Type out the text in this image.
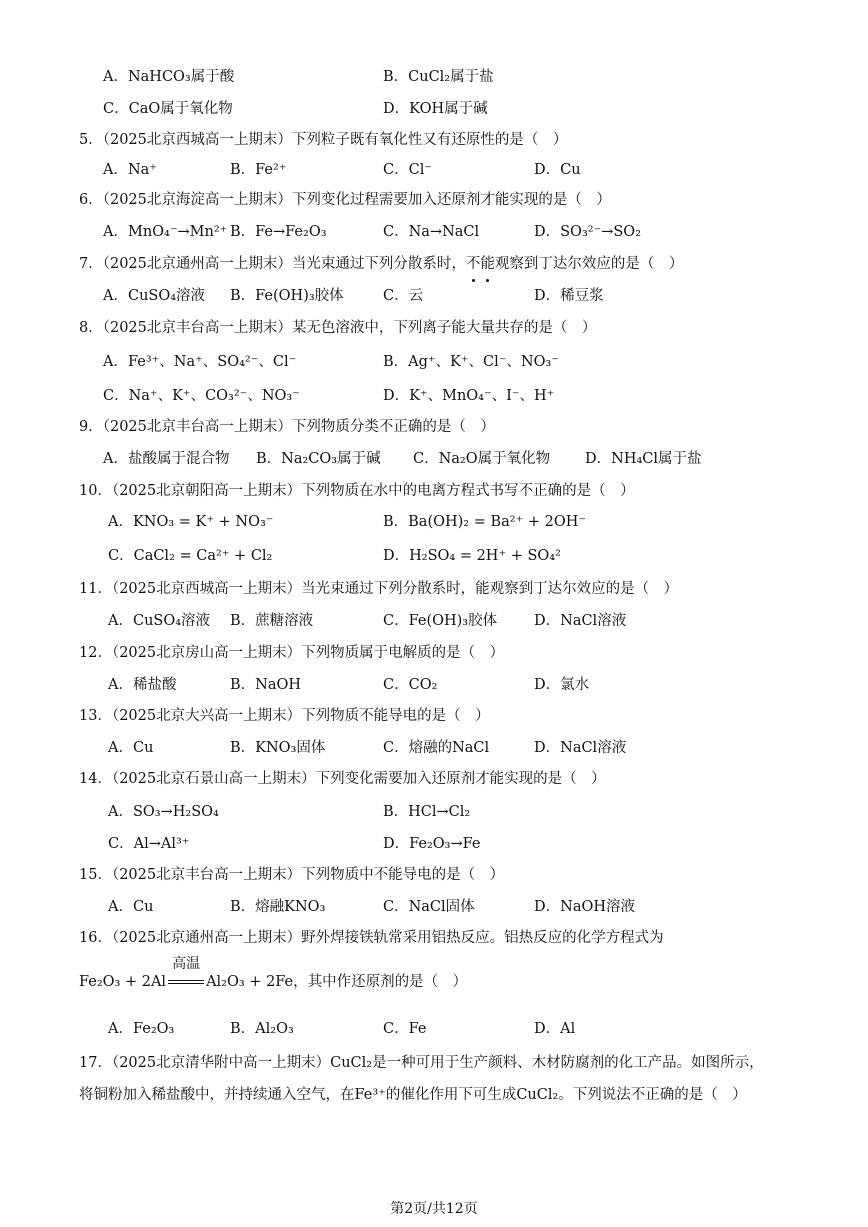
A．NaHCO₃属于酸	B．CuCl₂属于盐
C．CaO属于氧化物	D．KOH属于碱
5．（2025北京西城高一上期末）下列粒子既有氧化性又有还原性的是（　）
A．Na⁺	B．Fe²⁺	C．Cl⁻	D．Cu
6．（2025北京海淀高一上期末）下列变化过程需要加入还原剂才能实现的是（　）
A．MnO₄⁻→Mn²⁺ B．Fe→Fe₂O₃	C．Na→NaCl	D．SO₃²⁻→SO₂
7．（2025北京通州高一上期末）当光束通过下列分散系时，不
能
观察到丁达尔效应的是（　）
A．CuSO₄溶液 B．Fe(OH)₃胶体	C．云	D．稀豆浆
8．（2025北京丰台高一上期末）某无色溶液中，下列离子能大量共存的是（　）
A．Fe³⁺、Na⁺、SO₄²⁻、Cl⁻	B．Ag⁺、K⁺、Cl⁻、NO₃⁻
C．Na⁺、K⁺、CO₃²⁻、NO₃⁻	D．K⁺、MnO₄⁻、I⁻、H⁺
9．（2025北京丰台高一上期末）下列物质分类不正确的是（　）
A．盐酸属于混合物 B．Na₂CO₃属于碱 C．Na₂O属于氧化物 D．NH₄Cl属于盐
10．（2025北京朝阳高一上期末）下列物质在水中的电离方程式书写不正确的是（　）
A．KNO₃ = K⁺ + NO₃⁻	B．Ba(OH)₂ = Ba²⁺ + 2OH⁻
C．CaCl₂ = Ca²⁺ + Cl₂	D．H₂SO₄ = 2H⁺ + SO₄²
11．（2025北京西城高一上期末）当光束通过下列分散系时，能观察到丁达尔效应的是（　）
A．CuSO₄溶液 B．蔗糖溶液	C．Fe(OH)₃胶体	D．NaCl溶液
12．（2025北京房山高一上期末）下列物质属于电解质的是（　）
A．稀盐酸	B．NaOH	C．CO₂	D．氯水
13．（2025北京大兴高一上期末）下列物质不能导电的是（　）
A．Cu	B．KNO₃固体	C．熔融的NaCl	D．NaCl溶液
14．（2025北京石景山高一上期末）下列变化需要加入还原剂才能实现的是（　）
A．SO₃→H₂SO₄	B．HCl→Cl₂
C．Al→Al³⁺	D．Fe₂O₃→Fe
15．（2025北京丰台高一上期末）下列物质中不能导电的是（　）
A．Cu	B．熔融KNO₃	C．NaCl固体	D．NaOH溶液
16．（2025北京通州高一上期末）野外焊接铁轨常采用铝热反应。铝热反应的化学方程式为
Fe₂O₃ + 2Al
高温
Al₂O₃ + 2Fe，其中作还原剂的是（　）
A．Fe₂O₃	B．Al₂O₃	C．Fe	D．Al
17．（2025北京清华附中高一上期末）CuCl₂是一种可用于生产颜料、木材防腐剂的化工产品。如图所示，
将铜粉加入稀盐酸中，并持续通入空气，在Fe³⁺的催化作用下可生成CuCl₂。下列说法不正确的是（　）
第2页/共12页
